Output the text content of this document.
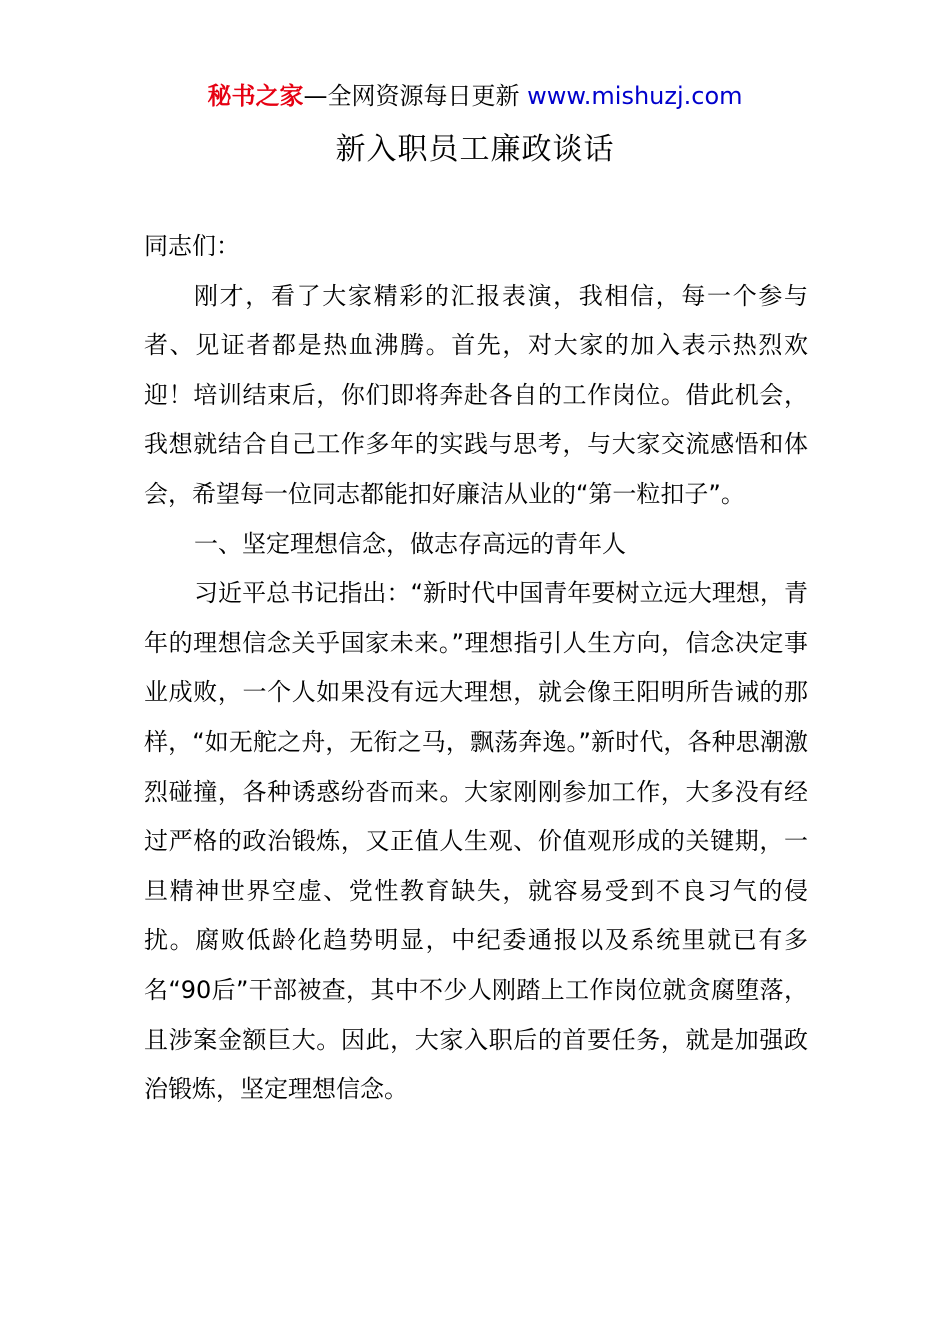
秘书之家—全网资源每日更新 www.mishuzj.com
新入职员工廉政谈话

同志们：

刚才，看了大家精彩的汇报表演，我相信，每一个参与者、见证者都是热血沸腾。首先，对大家的加入表示热烈欢迎！培训结束后，你们即将奔赴各自的工作岗位。借此机会，我想就结合自己工作多年的实践与思考，与大家交流感悟和体会，希望每一位同志都能扣好廉洁从业的“第一粒扣子”。

一、坚定理想信念，做志存高远的青年人

习近平总书记指出：“新时代中国青年要树立远大理想，青年的理想信念关乎国家未来。”理想指引人生方向，信念决定事业成败，一个人如果没有远大理想，就会像王阳明所告诫的那样，“如无舵之舟，无衔之马，飘荡奔逸。”新时代，各种思潮激烈碰撞，各种诱惑纷沓而来。大家刚刚参加工作，大多没有经过严格的政治锻炼，又正值人生观、价值观形成的关键期，一旦精神世界空虚、党性教育缺失，就容易受到不良习气的侵扰。腐败低龄化趋势明显，中纪委通报以及系统里就已有多名“90后”干部被查，其中不少人刚踏上工作岗位就贪腐堕落，且涉案金额巨大。因此，大家入职后的首要任务，就是加强政治锻炼，坚定理想信念。
